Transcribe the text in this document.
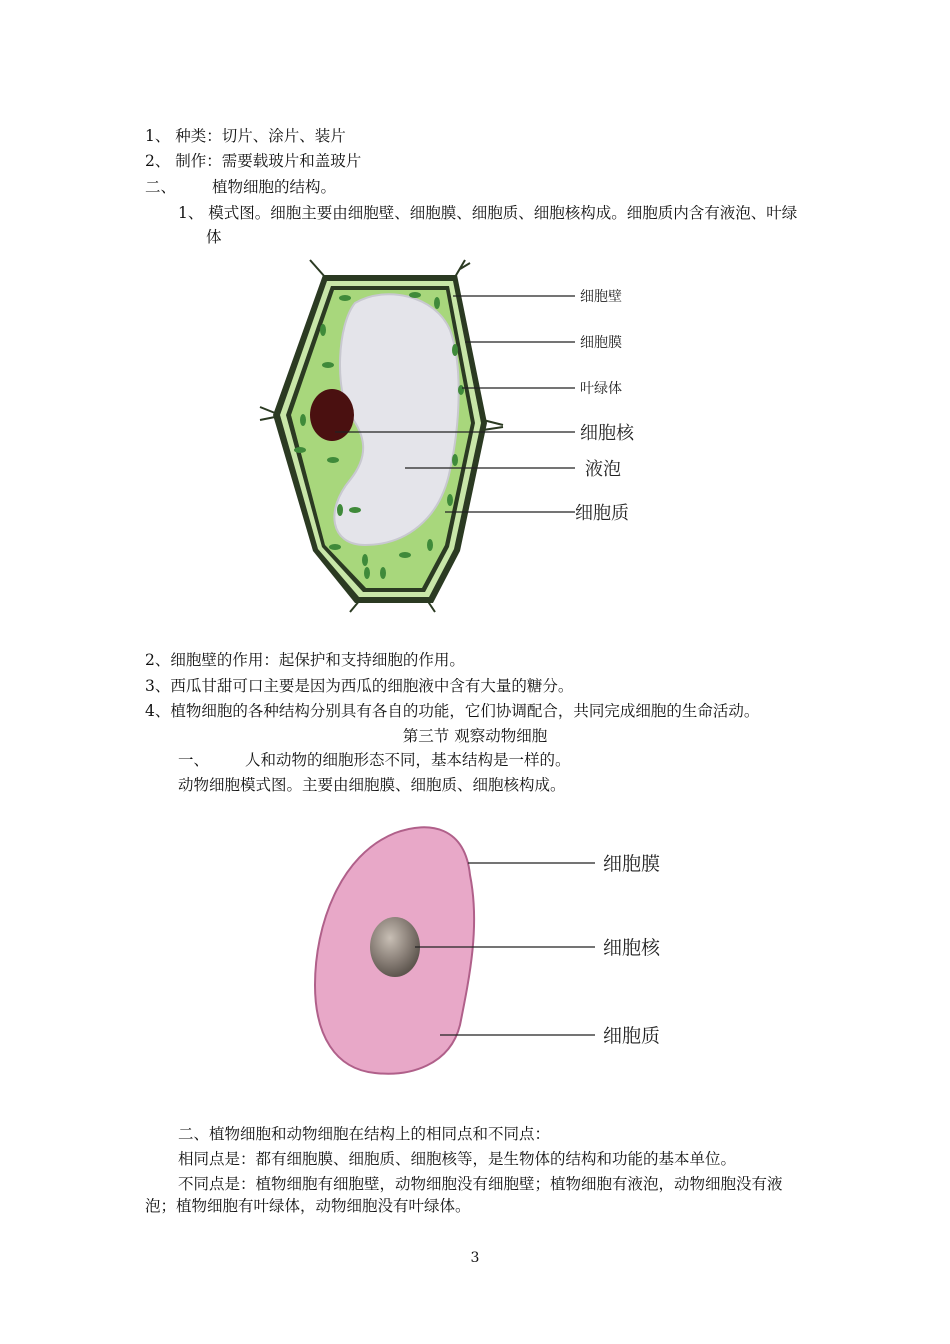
1、 种类：切片、涂片、装片
2、 制作：需要载玻片和盖玻片
二、 植物细胞的结构。
1、 模式图。细胞主要由细胞壁、细胞膜、细胞质、细胞核构成。细胞质内含有液泡、叶绿
体
细胞壁
细胞膜
叶绿体
细胞核
液泡
细胞质
2、细胞壁的作用：起保护和支持细胞的作用。
3、西瓜甘甜可口主要是因为西瓜的细胞液中含有大量的糖分。
4、植物细胞的各种结构分别具有各自的功能，它们协调配合，共同完成细胞的生命活动。
第三节 观察动物细胞
一、 人和动物的细胞形态不同，基本结构是一样的。
动物细胞模式图。主要由细胞膜、细胞质、细胞核构成。
细胞膜
细胞核
细胞质
二、植物细胞和动物细胞在结构上的相同点和不同点：
相同点是：都有细胞膜、细胞质、细胞核等，是生物体的结构和功能的基本单位。
不同点是：植物细胞有细胞壁，动物细胞没有细胞壁；植物细胞有液泡，动物细胞没有液
泡；植物细胞有叶绿体，动物细胞没有叶绿体。
3
